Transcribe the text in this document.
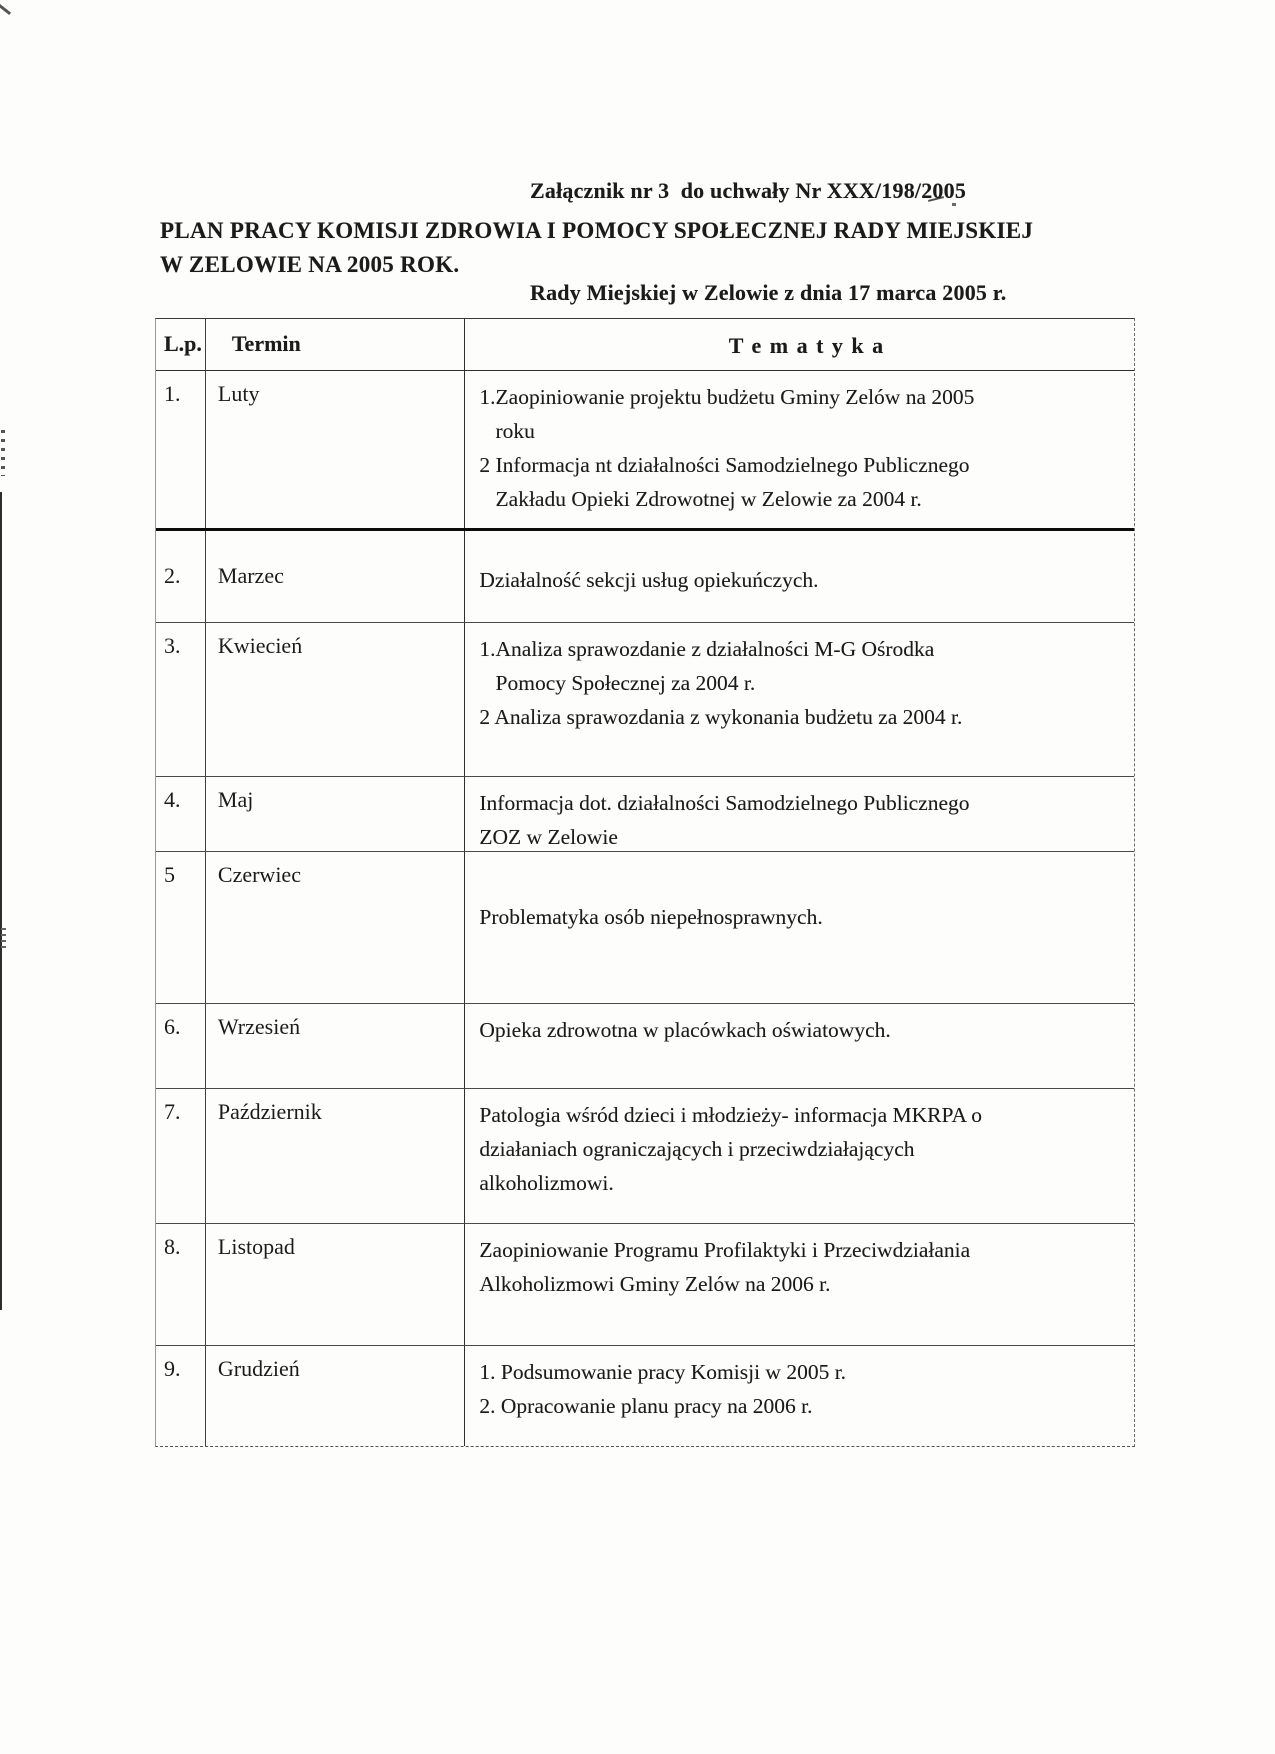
Załącznik nr 3  do uchwały Nr XXX/198/2005

Rady Miejskiej w Zelowie z dnia 17 marca 2005 r.

PLAN PRACY KOMISJI ZDROWIA I POMOCY SPOŁECZNEJ RADY MIEJSKIEJ
W ZELOWIE NA 2005 ROK.
L.p.	Termin	T e m a t y k a
1.	Luty	1.Zaopiniowanie projektu budżetu Gminy Zelów na 2005
roku
2 Informacja nt działalności Samodzielnego Publicznego
Zakładu Opieki Zdrowotnej w Zelowie za 2004 r.
2.	Marzec	Działalność sekcji usług opiekuńczych.
3.	Kwiecień	1.Analiza sprawozdanie z działalności M-G Ośrodka
Pomocy Społecznej za 2004 r.
2 Analiza sprawozdania z wykonania budżetu za 2004 r.
4.	Maj	Informacja dot. działalności Samodzielnego Publicznego
ZOZ w Zelowie
5	Czerwiec
Problematyka osób niepełnosprawnych.
6.	Wrzesień	Opieka zdrowotna w placówkach oświatowych.
7.	Październik	Patologia wśród dzieci i młodzieży- informacja MKRPA o
działaniach ograniczających i przeciwdziałających
alkoholizmowi.
8.	Listopad	Zaopiniowanie Programu Profilaktyki i Przeciwdziałania
Alkoholizmowi Gminy Zelów na 2006 r.
9.	Grudzień	1. Podsumowanie pracy Komisji w 2005 r.
2. Opracowanie planu pracy na 2006 r.
